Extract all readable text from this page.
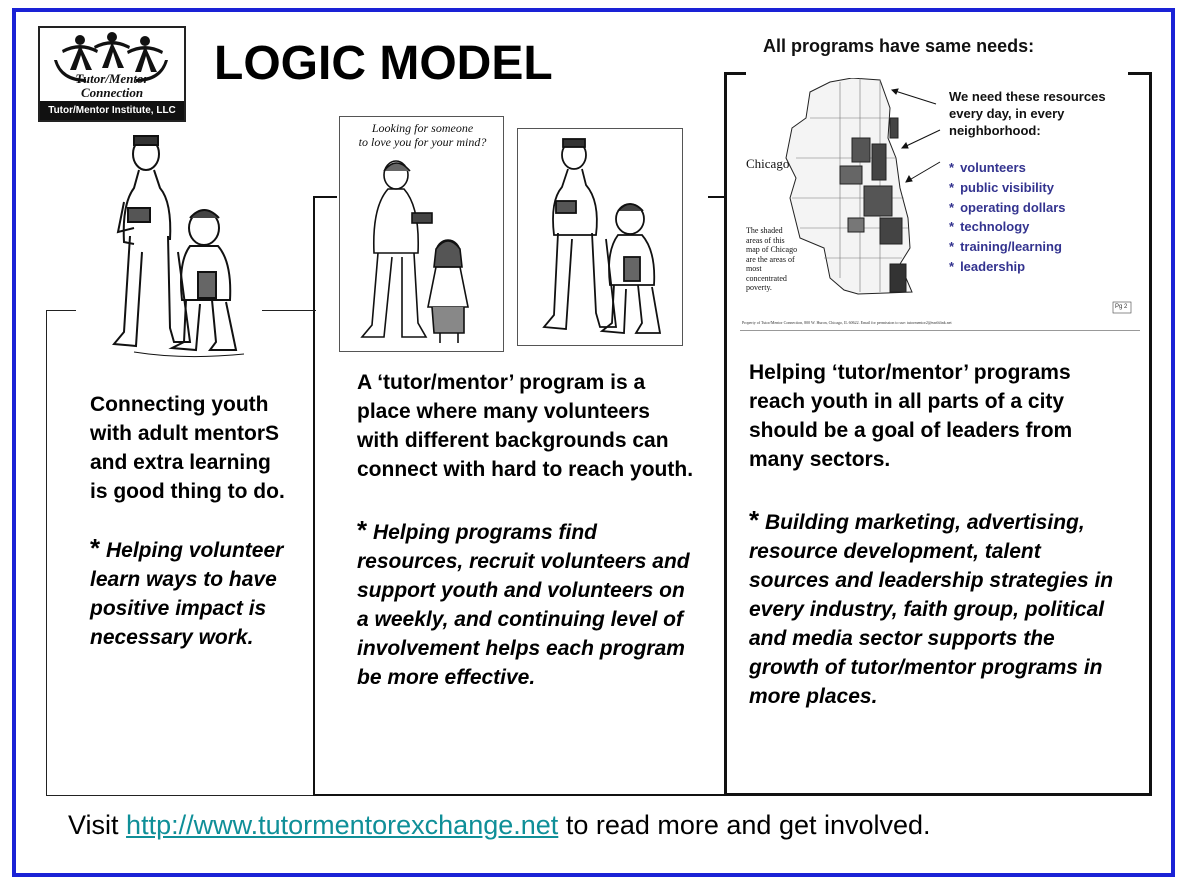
Tutor/Mentor
Connection
Tutor/Mentor Institute, LLC
LOGIC MODEL	All programs have same needs:
Looking for someone
to love you for your mind?
Pg 2
Property of Tutor/Mentor Connection, 800 W. Huron, Chicago, IL 60622. Email for permission to use: tutormentor2@earthlink.net
Chicago
The shaded areas of this map of Chicago are the areas of most concentrated poverty.
We need these resources every day, in every neighborhood:
* volunteers
* public visibility
* operating dollars
* technology
* training/learning
* leadership
Connecting youth with adult mentorS and extra learning is good thing to do.
* Helping volunteer learn ways to have positive impact is necessary work.
A ‘tutor/mentor’ program is a place where many volunteers with different backgrounds can connect with hard to reach youth.
* Helping programs find resources, recruit volunteers and support youth and volunteers on a weekly, and continuing level of involvement helps each program be more effective.
Helping ‘tutor/mentor’ programs reach youth in all parts of a city should be a goal of leaders from many sectors.
* Building marketing, advertising, resource development, talent sources and leadership strategies in every industry, faith group, political and media sector supports the growth of tutor/mentor programs in more places.
Visit http://www.tutormentorexchange.net to read more and get involved.
